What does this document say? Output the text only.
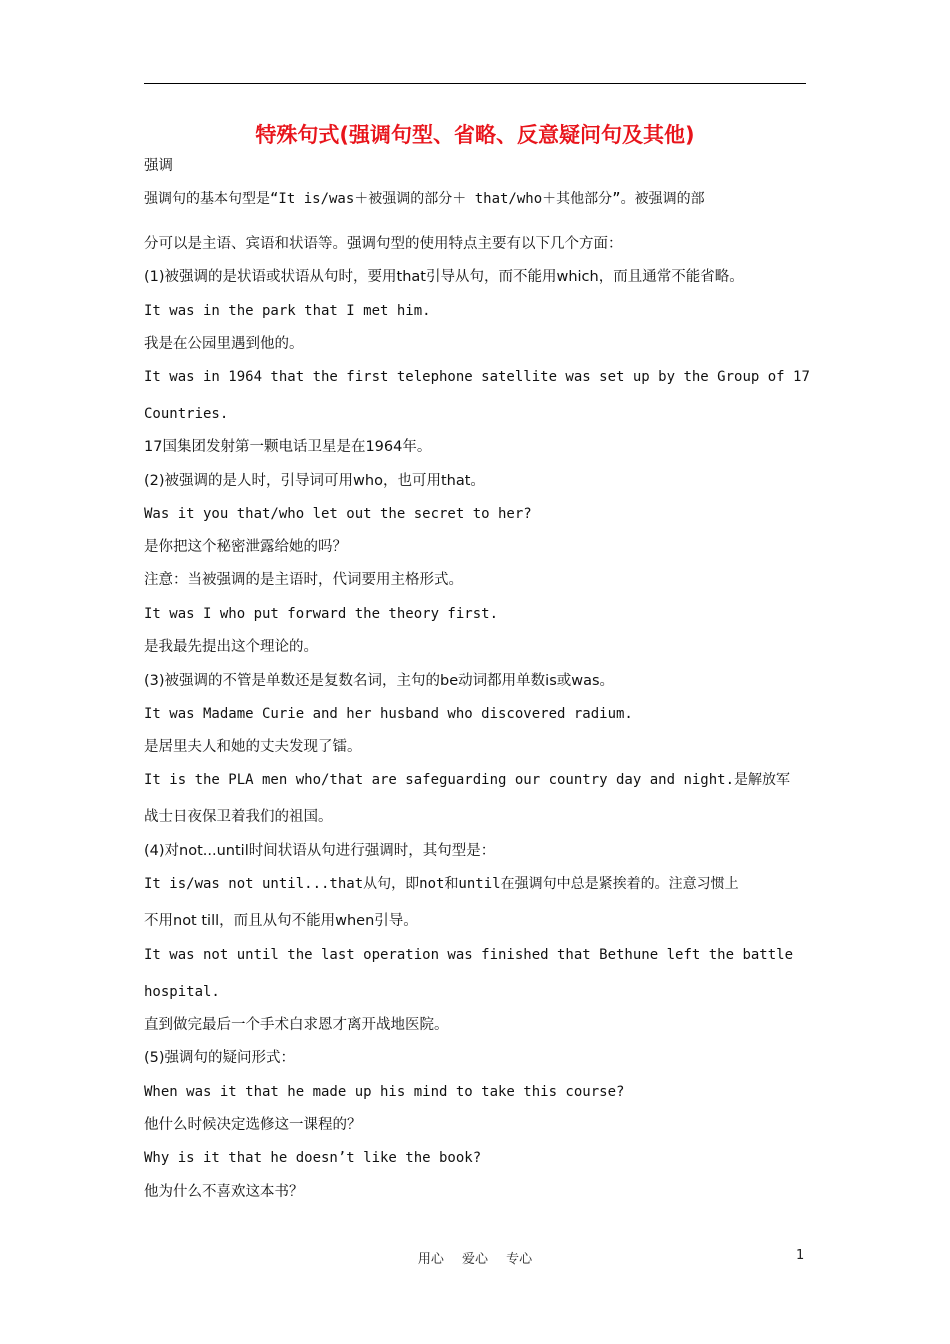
特殊句式(强调句型、省略、反意疑问句及其他)
强调
强调句的基本句型是“It is/was＋被强调的部分＋ that/who＋其他部分”。被强调的部
分可以是主语、宾语和状语等。强调句型的使用特点主要有以下几个方面：
(1)被强调的是状语或状语从句时，要用that引导从句，而不能用which，而且通常不能省略。
It was in the park that I met him.
我是在公园里遇到他的。
It was in 1964 that the first telephone satellite was set up by the Group of 17
Countries.
17国集团发射第一颗电话卫星是在1964年。
(2)被强调的是人时，引导词可用who，也可用that。
Was it you that/who let out the secret to her?
是你把这个秘密泄露给她的吗？
注意：当被强调的是主语时，代词要用主格形式。
It was I who put forward the theory first.
是我最先提出这个理论的。
(3)被强调的不管是单数还是复数名词，主句的be动词都用单数is或was。
It was Madame Curie and her husband who discovered radium.
是居里夫人和她的丈夫发现了镭。
It is the PLA men who/that are safeguarding our country day and night.是解放军
战士日夜保卫着我们的祖国。
(4)对not...until时间状语从句进行强调时，其句型是：
It is/was not until...that从句，即not和until在强调句中总是紧挨着的。注意习惯上
不用not till，而且从句不能用when引导。
It was not until the last operation was finished that Bethune left the battle
hospital.
直到做完最后一个手术白求恩才离开战地医院。
(5)强调句的疑问形式：
When was it that he made up his mind to take this course?
他什么时候决定选修这一课程的？
Why is it that he doesn’t like the book?
他为什么不喜欢这本书？
用心 爱心 专心	1
